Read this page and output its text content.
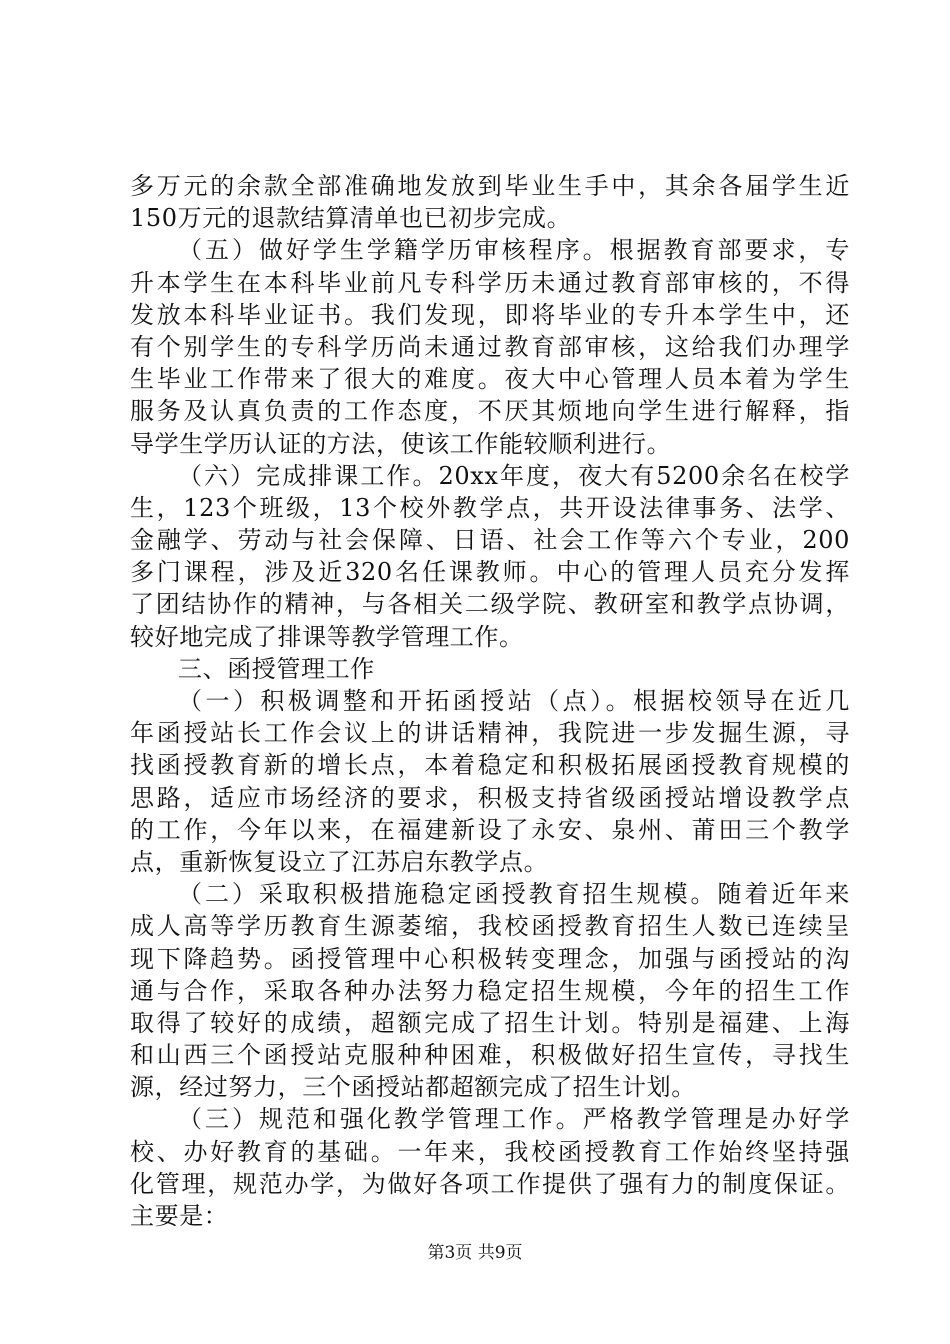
多万元的余款全部准确地发放到毕业生手中，其余各届学生近
150万元的退款结算清单也已初步完成。
（五）做好学生学籍学历审核程序。根据教育部要求，专
升本学生在本科毕业前凡专科学历未通过教育部审核的，不得
发放本科毕业证书。我们发现，即将毕业的专升本学生中，还
有个别学生的专科学历尚未通过教育部审核，这给我们办理学
生毕业工作带来了很大的难度。夜大中心管理人员本着为学生
服务及认真负责的工作态度，不厌其烦地向学生进行解释，指
导学生学历认证的方法，使该工作能较顺利进行。
（六）完成排课工作。20xx年度，夜大有5200余名在校学
生，123个班级，13个校外教学点，共开设法律事务、法学、
金融学、劳动与社会保障、日语、社会工作等六个专业，200
多门课程，涉及近320名任课教师。中心的管理人员充分发挥
了团结协作的精神，与各相关二级学院、教研室和教学点协调，
较好地完成了排课等教学管理工作。
三、函授管理工作
（一）积极调整和开拓函授站（点）。根据校领导在近几
年函授站长工作会议上的讲话精神，我院进一步发掘生源，寻
找函授教育新的增长点，本着稳定和积极拓展函授教育规模的
思路，适应市场经济的要求，积极支持省级函授站增设教学点
的工作，今年以来，在福建新设了永安、泉州、莆田三个教学
点，重新恢复设立了江苏启东教学点。
（二）采取积极措施稳定函授教育招生规模。随着近年来
成人高等学历教育生源萎缩，我校函授教育招生人数已连续呈
现下降趋势。函授管理中心积极转变理念，加强与函授站的沟
通与合作，采取各种办法努力稳定招生规模，今年的招生工作
取得了较好的成绩，超额完成了招生计划。特别是福建、上海
和山西三个函授站克服种种困难，积极做好招生宣传，寻找生
源，经过努力，三个函授站都超额完成了招生计划。
（三）规范和强化教学管理工作。严格教学管理是办好学
校、办好教育的基础。一年来，我校函授教育工作始终坚持强
化管理，规范办学，为做好各项工作提供了强有力的制度保证。
主要是：
第3页 共9页
